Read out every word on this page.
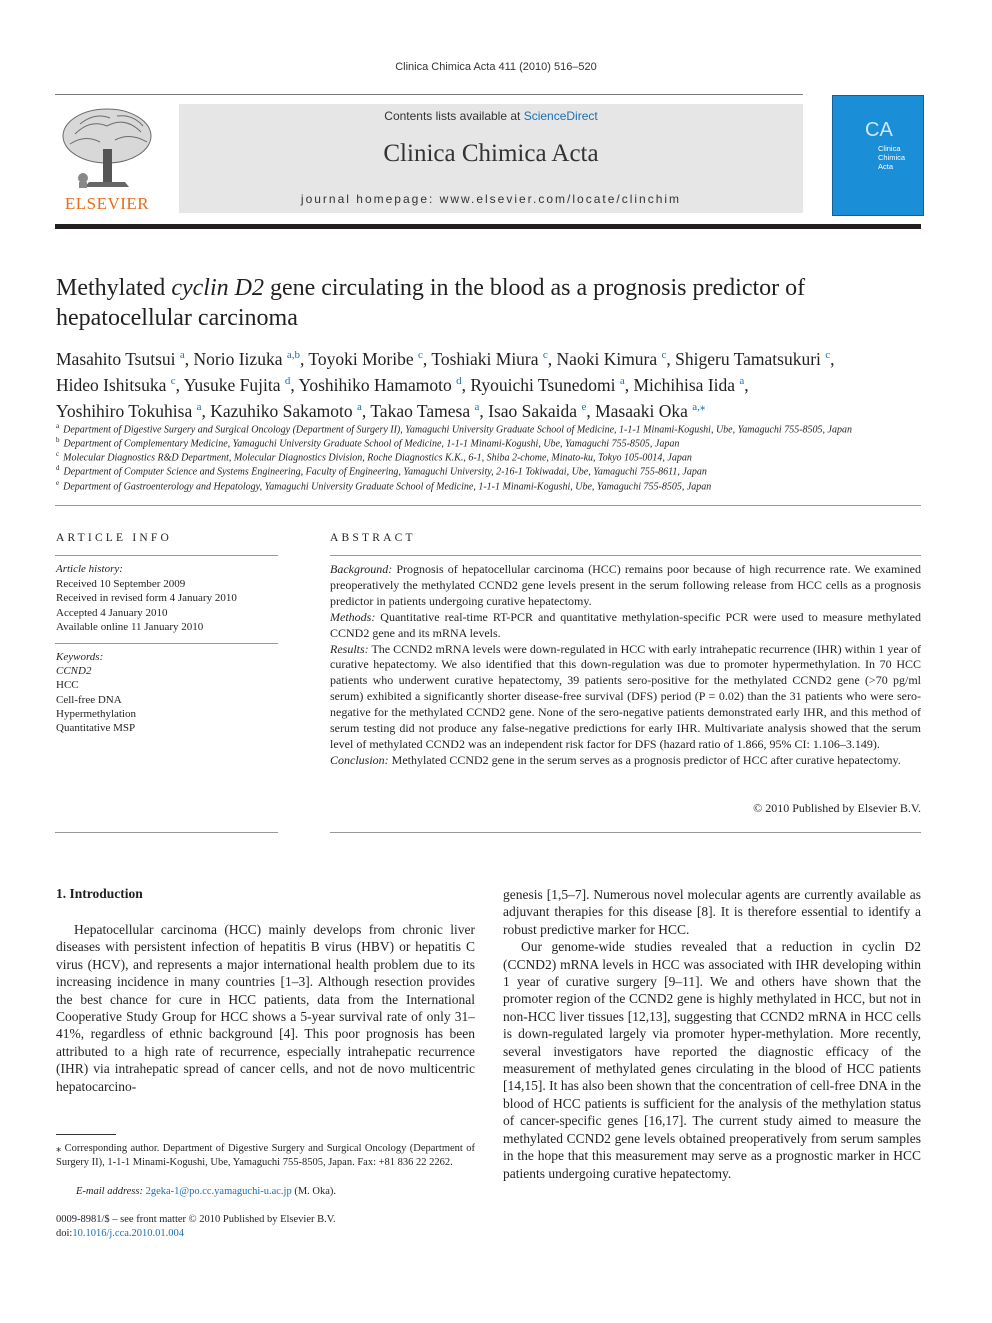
Clinica Chimica Acta 411 (2010) 516–520
ELSEVIER
Contents lists available at ScienceDirect
Clinica Chimica Acta
journal homepage: www.elsevier.com/locate/clinchim
CA
Clinica
Chimica
Acta
Methylated cyclin D2 gene circulating in the blood as a prognosis predictor of
hepatocellular carcinoma
Masahito Tsutsui $^a$, Norio Iizuka $^{a,b}$, Toyoki Moribe $^c$, Toshiaki Miura $^c$, Naoki Kimura $^c$, Shigeru Tamatsukuri $^c$,
Hideo Ishitsuka $^c$, Yusuke Fujita $^d$, Yoshihiko Hamamoto $^d$, Ryouichi Tsunedomi $^a$, Michihisa Iida $^a$,
Yoshihiro Tokuhisa $^a$, Kazuhiko Sakamoto $^a$, Takao Tamesa $^a$, Isao Sakaida $^e$, Masaaki Oka $^{a,⁎}$
$^a$ Department of Digestive Surgery and Surgical Oncology (Department of Surgery II), Yamaguchi University Graduate School of Medicine, 1-1-1 Minami-Kogushi, Ube, Yamaguchi 755-8505, Japan
$^b$ Department of Complementary Medicine, Yamaguchi University Graduate School of Medicine, 1-1-1 Minami-Kogushi, Ube, Yamaguchi 755-8505, Japan
$^c$ Molecular Diagnostics R&D Department, Molecular Diagnostics Division, Roche Diagnostics K.K., 6-1, Shiba 2-chome, Minato-ku, Tokyo 105-0014, Japan
$^d$ Department of Computer Science and Systems Engineering, Faculty of Engineering, Yamaguchi University, 2-16-1 Tokiwadai, Ube, Yamaguchi 755-8611, Japan
$^e$ Department of Gastroenterology and Hepatology, Yamaguchi University Graduate School of Medicine, 1-1-1 Minami-Kogushi, Ube, Yamaguchi 755-8505, Japan
ARTICLE INFO
Article history:
Received 10 September 2009
Received in revised form 4 January 2010
Accepted 4 January 2010
Available online 11 January 2010
Keywords:
CCND2
HCC
Cell-free DNA
Hypermethylation
Quantitative MSP
ABSTRACT

Background: Prognosis of hepatocellular carcinoma (HCC) remains poor because of high recurrence rate. We examined preoperatively the methylated CCND2 gene levels present in the serum following release from HCC cells as a prognosis predictor in patients undergoing curative hepatectomy.

Methods: Quantitative real-time RT-PCR and quantitative methylation-specific PCR were used to measure methylated CCND2 gene and its mRNA levels.

Results: The CCND2 mRNA levels were down-regulated in HCC with early intrahepatic recurrence (IHR) within 1 year of curative hepatectomy. We also identified that this down-regulation was due to promoter hypermethylation. In 70 HCC patients who underwent curative hepatectomy, 39 patients sero-positive for the methylated CCND2 gene (>70 pg/ml serum) exhibited a significantly shorter disease-free survival (DFS) period (P = 0.02) than the 31 patients who were sero-negative for the methylated CCND2 gene. None of the sero-negative patients demonstrated early IHR, and this method of serum testing did not produce any false-negative predictions for early IHR. Multivariate analysis showed that the serum level of methylated CCND2 was an independent risk factor for DFS (hazard ratio of 1.866, 95% CI: 1.106–3.149).

Conclusion: Methylated CCND2 gene in the serum serves as a prognosis predictor of HCC after curative hepatectomy.

© 2010 Published by Elsevier B.V.
1. Introduction

Hepatocellular carcinoma (HCC) mainly develops from chronic liver diseases with persistent infection of hepatitis B virus (HBV) or hepatitis C virus (HCV), and represents a major international health problem due to its increasing incidence in many countries [1–3]. Although resection provides the best chance for cure in HCC patients, data from the International Cooperative Study Group for HCC shows a 5-year survival rate of only 31–41%, regardless of ethnic background [4]. This poor prognosis has been attributed to a high rate of recurrence, especially intrahepatic recurrence (IHR) via intrahepatic spread of cancer cells, and not de novo multicentric hepatocarcino-

genesis [1,5–7]. Numerous novel molecular agents are currently available as adjuvant therapies for this disease [8]. It is therefore essential to identify a robust predictive marker for HCC.

Our genome-wide studies revealed that a reduction in cyclin D2 (CCND2) mRNA levels in HCC was associated with IHR developing within 1 year of curative surgery [9–11]. We and others have shown that the promoter region of the CCND2 gene is highly methylated in HCC, but not in non-HCC liver tissues [12,13], suggesting that CCND2 mRNA in HCC cells is down-regulated largely via promoter hyper-methylation. More recently, several investigators have reported the diagnostic efficacy of the measurement of methylated genes circulating in the blood of HCC patients [14,15]. It has also been shown that the concentration of cell-free DNA in the blood of HCC patients is sufficient for the analysis of the methylation status of cancer-specific genes [16,17]. The current study aimed to measure the methylated CCND2 gene levels obtained preoperatively from serum samples in the hope that this measurement may serve as a prognostic marker in HCC patients undergoing curative hepatectomy.

⁎ Corresponding author. Department of Digestive Surgery and Surgical Oncology (Department of Surgery II), 1-1-1 Minami-Kogushi, Ube, Yamaguchi 755-8505, Japan. Fax: +81 836 22 2262.
E-mail address: 2geka-1@po.cc.yamaguchi-u.ac.jp (M. Oka).
0009-8981/$ – see front matter © 2010 Published by Elsevier B.V.
doi:10.1016/j.cca.2010.01.004
